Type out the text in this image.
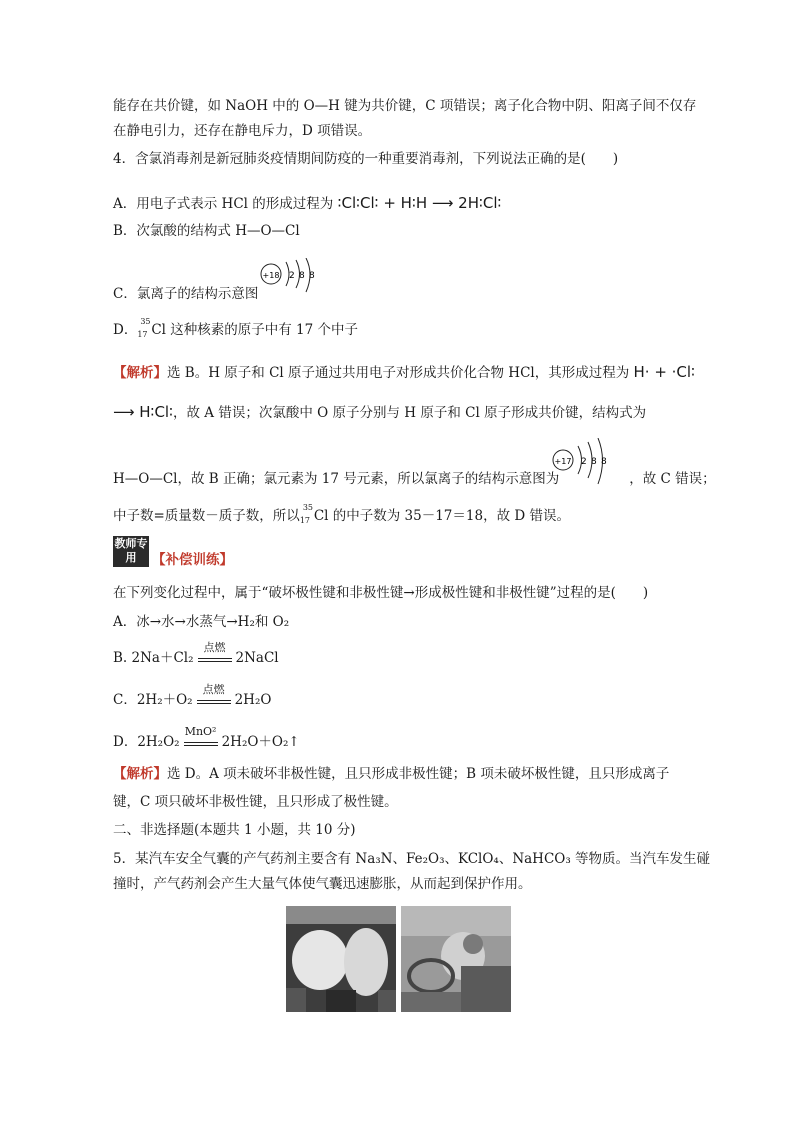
能存在共价键，如 NaOH 中的 O—H 键为共价键，C 项错误；离子化合物中阴、阳离子间不仅存
在静电引力，还存在静电斥力，D 项错误。
4．含氯消毒剂是新冠肺炎疫情期间防疫的一种重要消毒剂，下列说法正确的是(　　)
A．用电子式表示 HCl 的形成过程为 ∶Cl∶Cl∶ + H∶H ⟶ 2H∶Cl∶
B．次氯酸的结构式 H—O—Cl
C．氯离子的结构示意图
+18 2 8 8
D．
35
17 Cl 这种核素的原子中有 17 个中子
【解析】选 B。H 原子和 Cl 原子通过共用电子对形成共价化合物 HCl，其形成过程为 H· + ·Cl∶
⟶ H∶Cl∶，故 A 错误；次氯酸中 O 原子分别与 H 原子和 Cl 原子形成共价键，结构式为
H—O—Cl，故 B 正确；氯元素为 17 号元素，所以氯离子的结构示意图为	，故 C 错误；
+17 2 8 8
中子数=质量数－质子数，所以
35
17 Cl 的中子数为 35－17＝18，故 D 错误。
教师专用	【补偿训练】
在下列变化过程中，属于“破坏极性键和非极性键→形成极性键和非极性键”过程的是(　　)
A．冰→水→水蒸气→H₂和 O₂
B. 2Na＋Cl₂
点燃
2NaCl
C．2H₂＋O₂
点燃
2H₂O
D．2H₂O₂
MnO²
2H₂O＋O₂↑
【解析】选 D。A 项未破坏非极性键，且只形成非极性键；B 项未破坏极性键，且只形成离子
键，C 项只破坏非极性键，且只形成了极性键。
二、非选择题(本题共 1 小题，共 10 分)
5．某汽车安全气囊的产气药剂主要含有 Na₃N、Fe₂O₃、KClO₄、NaHCO₃ 等物质。当汽车发生碰
撞时，产气药剂会产生大量气体使气囊迅速膨胀，从而起到保护作用。
